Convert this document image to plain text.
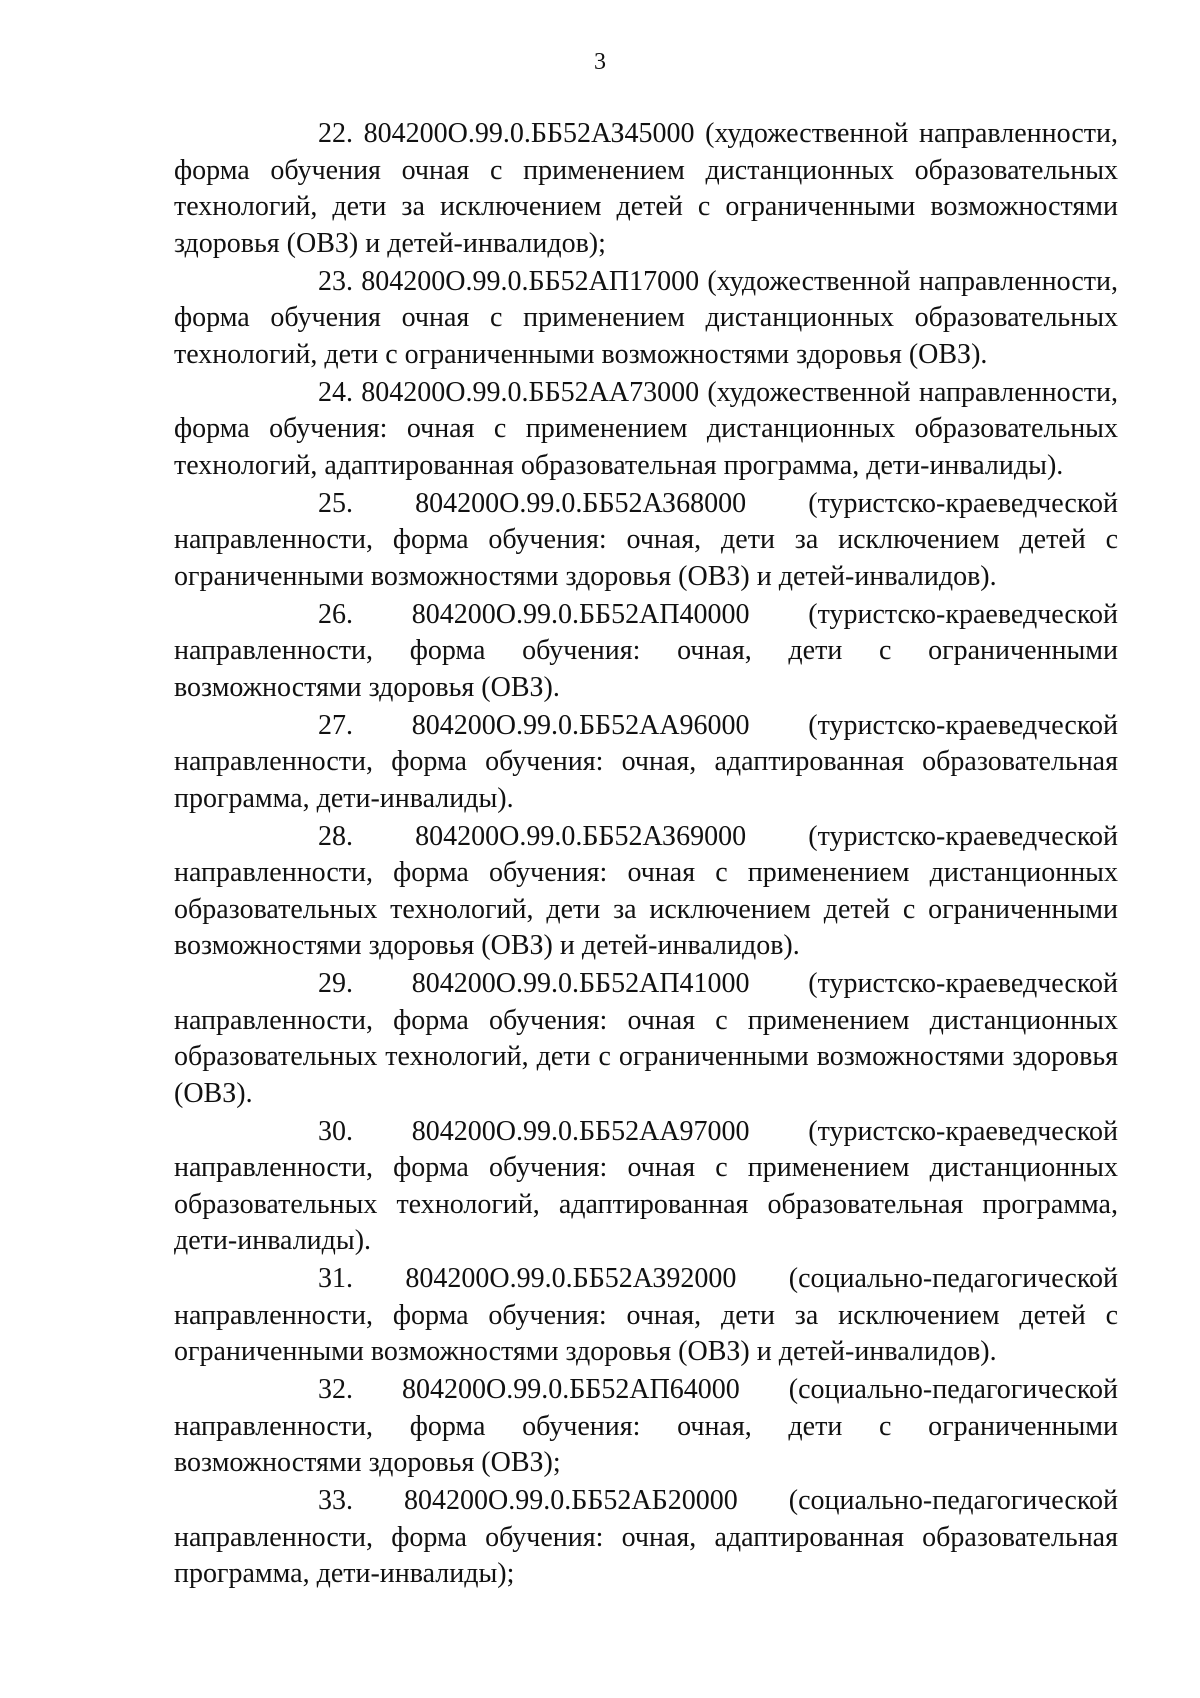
3

22. 804200О.99.0.ББ52АЗ45000 (художественной направленности, форма обучения очная с применением дистанционных образовательных технологий, дети за исключением детей с ограниченными возможностями здоровья (ОВЗ) и детей-инвалидов);

23. 804200О.99.0.ББ52АП17000 (художественной направленности, форма обучения очная с применением дистанционных образовательных технологий, дети с ограниченными возможностями здоровья (ОВЗ).

24. 804200О.99.0.ББ52АА73000 (художественной направленности, форма обучения: очная с применением дистанционных образовательных технологий, адаптированная образовательная программа, дети-инвалиды).

25. 804200О.99.0.ББ52АЗ68000 (туристско-краеведческой направленности, форма обучения: очная, дети за исключением детей с ограниченными возможностями здоровья (ОВЗ) и детей-инвалидов).

26. 804200О.99.0.ББ52АП40000 (туристско-краеведческой направленности, форма обучения: очная, дети с ограниченными возможностями здоровья (ОВЗ).

27. 804200О.99.0.ББ52АА96000 (туристско-краеведческой направленности, форма обучения: очная, адаптированная образовательная программа, дети-инвалиды).

28. 804200О.99.0.ББ52АЗ69000 (туристско-краеведческой направленности, форма обучения: очная с применением дистанционных образовательных технологий, дети за исключением детей с ограниченными возможностями здоровья (ОВЗ) и детей-инвалидов).

29. 804200О.99.0.ББ52АП41000 (туристско-краеведческой направленности, форма обучения: очная с применением дистанционных образовательных технологий, дети с ограниченными возможностями здоровья (ОВЗ).

30. 804200О.99.0.ББ52АА97000 (туристско-краеведческой направленности, форма обучения: очная с применением дистанционных образовательных технологий, адаптированная образовательная программа, дети-инвалиды).

31. 804200О.99.0.ББ52АЗ92000 (социально-педагогической направленности, форма обучения: очная, дети за исключением детей с ограниченными возможностями здоровья (ОВЗ) и детей-инвалидов).

32. 804200О.99.0.ББ52АП64000 (социально-педагогической направленности, форма обучения: очная, дети с ограниченными возможностями здоровья (ОВЗ);

33. 804200О.99.0.ББ52АБ20000 (социально-педагогической направленности, форма обучения: очная, адаптированная образовательная программа, дети-инвалиды);
